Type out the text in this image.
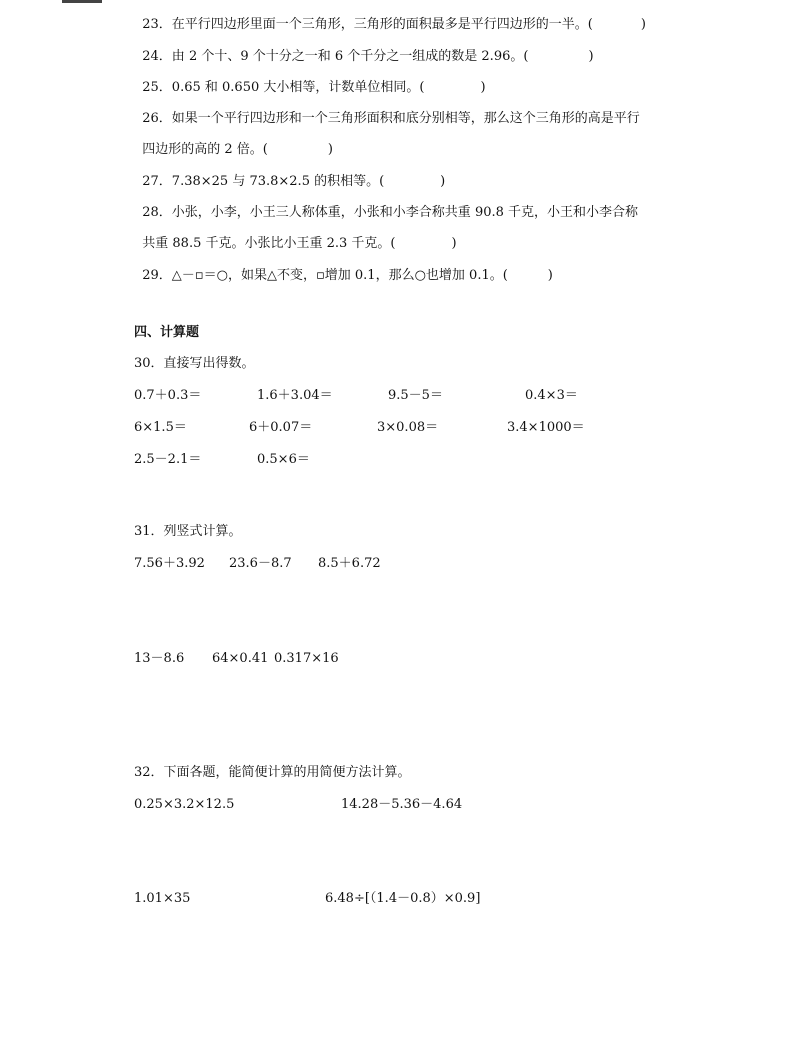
23．在平行四边形里面一个三角形，三角形的面积最多是平行四边形的一半。(	)

24．由 2 个十、9 个十分之一和 6 个千分之一组成的数是 2.96。(	)

25．0.65 和 0.650 大小相等，计数单位相同。(	)

26．如果一个平行四边形和一个三角形面积和底分别相等，那么这个三角形的高是平行

四边形的高的 2 倍。(	)

27．7.38×25 与 73.8×2.5 的积相等。(	)

28．小张，小李，小王三人称体重，小张和小李合称共重 90.8 千克，小王和小李合称

共重 88.5 千克。小张比小王重 2.3 千克。(	)

29．△－▫＝○，如果△不变，▫增加 0.1，那么○也增加 0.1。(	)

四、计算题
30．直接写出得数。
0.7＋0.3＝	1.6＋3.04＝	9.5－5＝	0.4×3＝
6×1.5＝	6＋0.07＝	3×0.08＝	3.4×1000＝
2.5－2.1＝	0.5×6＝
31．列竖式计算。
7.56＋3.92 23.6－8.7 8.5＋6.72
13－8.6 64×0.41 0.317×16
32．下面各题，能简便计算的用简便方法计算。
0.25×3.2×12.5	14.28－5.36－4.64
1.01×35	6.48÷[（1.4－0.8）×0.9]
